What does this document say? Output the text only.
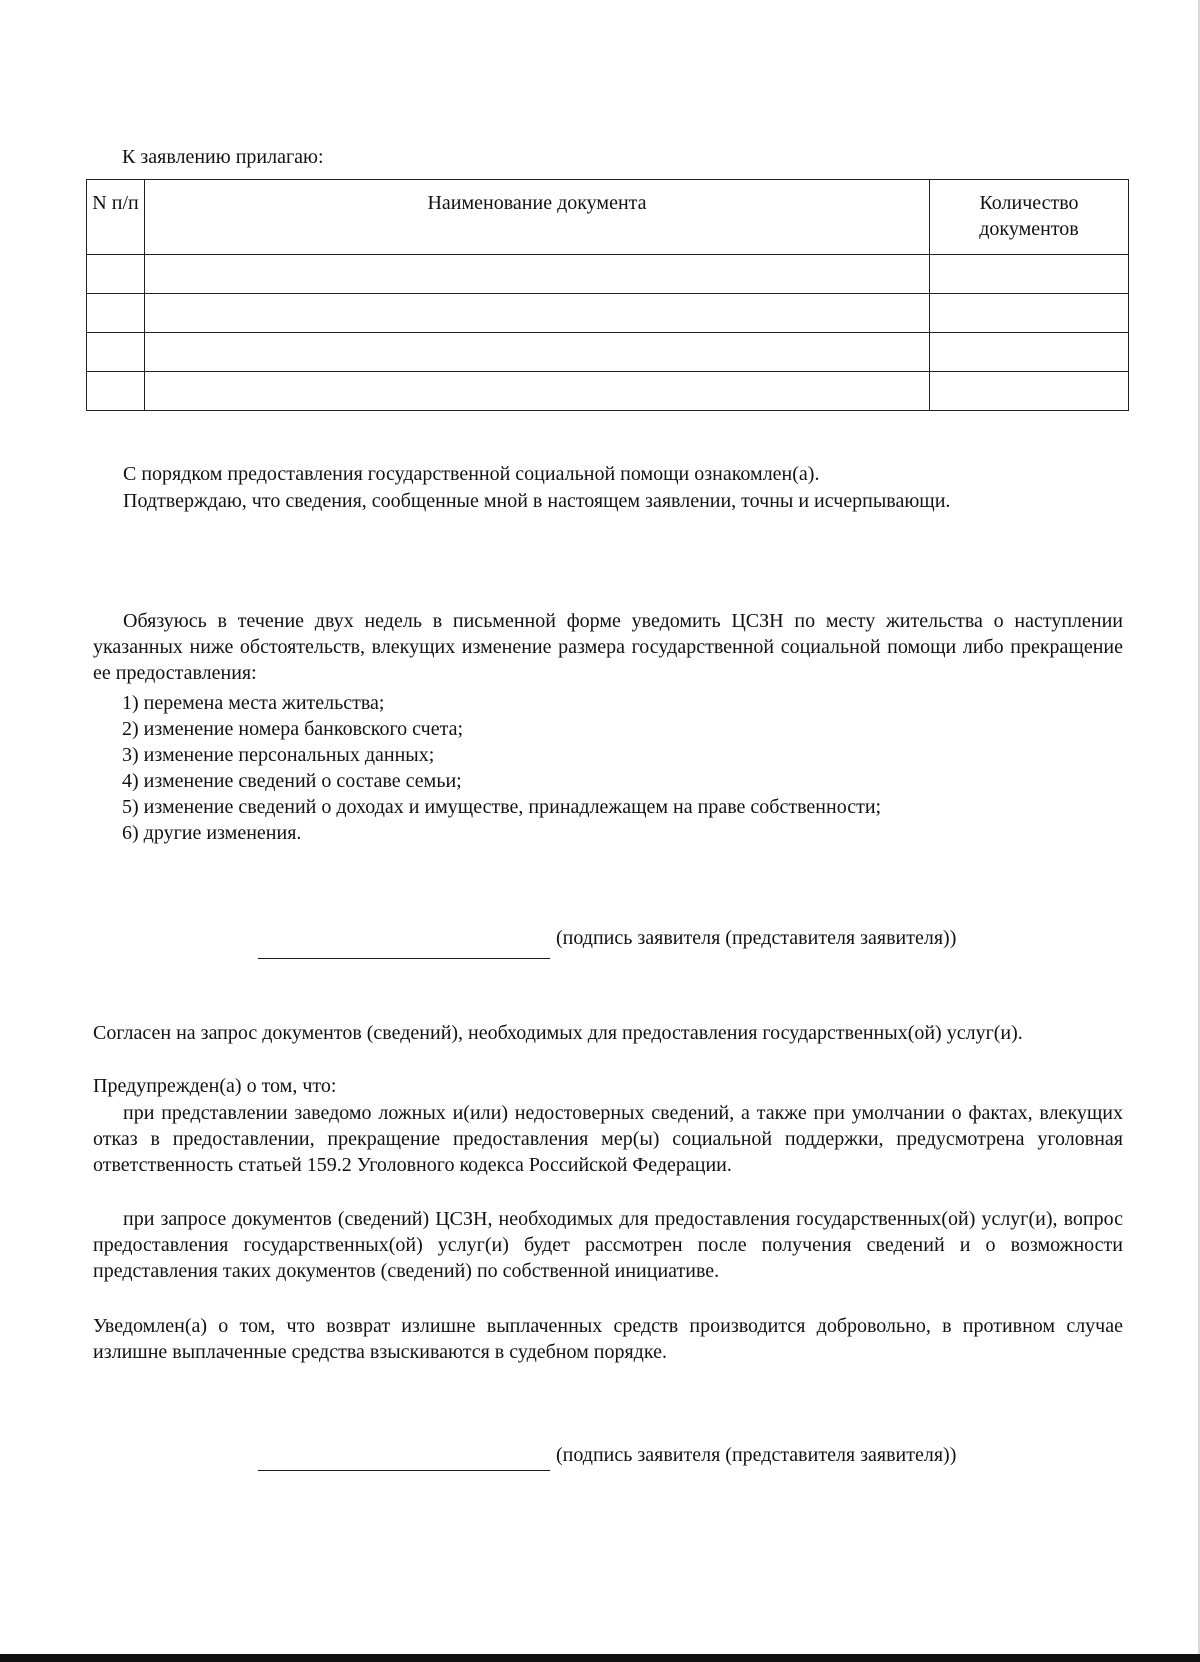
К заявлению прилагаю:
N п/п	Наименование документа	Количество документов

С порядком предоставления государственной социальной помощи ознакомлен(а).

Подтверждаю, что сведения, сообщенные мной в настоящем заявлении, точны и исчерпывающи.

Обязуюсь в течение двух недель в письменной форме уведомить ЦСЗН по месту жительства о наступлении указанных ниже обстоятельств, влекущих изменение размера государственной социальной помощи либо прекращение ее предоставления:

1) перемена места жительства;
2) изменение номера банковского счета;
3) изменение персональных данных;
4) изменение сведений о составе семьи;
5) изменение сведений о доходах и имуществе, принадлежащем на праве собственности;
6) другие изменения.
(подпись заявителя (представителя заявителя))

Согласен на запрос документов (сведений), необходимых для предоставления государственных(ой) услуг(и).

Предупрежден(а) о том, что:

при представлении заведомо ложных и(или) недостоверных сведений, а также при умолчании о фактах, влекущих отказ в предоставлении, прекращение предоставления мер(ы) социальной поддержки, предусмотрена уголовная ответственность статьей 159.2 Уголовного кодекса Российской Федерации.

при запросе документов (сведений) ЦСЗН, необходимых для предоставления государственных(ой) услуг(и), вопрос предоставления государственных(ой) услуг(и) будет рассмотрен после получения сведений и о возможности представления таких документов (сведений) по собственной инициативе.

Уведомлен(а) о том, что возврат излишне выплаченных средств производится добровольно, в противном случае излишне выплаченные средства взыскиваются в судебном порядке.

(подпись заявителя (представителя заявителя))
